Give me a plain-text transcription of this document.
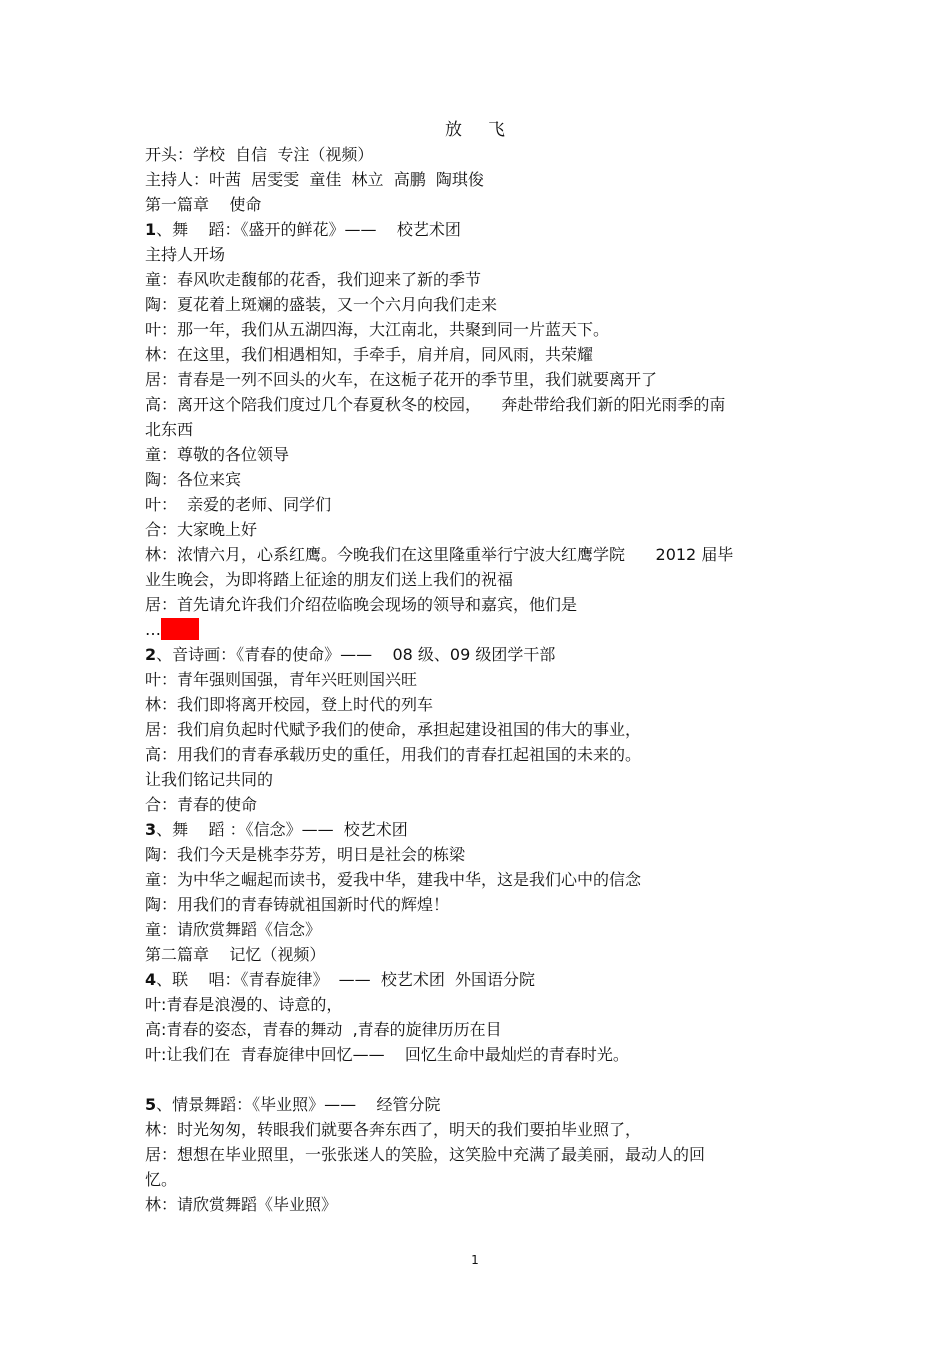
放飞
开头：学校  自信  专注（视频）
主持人：叶茜  居雯雯  童佳  林立  高鹏  陶琪俊
第一篇章    使命
1、舞    蹈：《盛开的鲜花》——    校艺术团
主持人开场
童：春风吹走馥郁的花香，我们迎来了新的季节
陶：夏花着上斑斓的盛装，又一个六月向我们走来
叶：那一年，我们从五湖四海，大江南北，共聚到同一片蓝天下。
林：在这里，我们相遇相知，手牵手，肩并肩，同风雨，共荣耀
居：青春是一列不回头的火车，在这栀子花开的季节里，我们就要离开了
高：离开这个陪我们度过几个春夏秋冬的校园，    奔赴带给我们新的阳光雨季的南
北东西
童：尊敬的各位领导
陶：各位来宾
叶：  亲爱的老师、同学们
合：大家晚上好
林：浓情六月，心系红鹰。今晚我们在这里隆重举行宁波大红鹰学院      2012 届毕
业生晚会，为即将踏上征途的朋友们送上我们的祝福
居：首先请允许我们介绍莅临晚会现场的领导和嘉宾，他们是
………
2、音诗画：《青春的使命》——    08 级、09 级团学干部
叶：青年强则国强，青年兴旺则国兴旺
林：我们即将离开校园，登上时代的列车
居：我们肩负起时代赋予我们的使命，承担起建设祖国的伟大的事业，
高：用我们的青春承载历史的重任，用我们的青春扛起祖国的未来的。
让我们铭记共同的
合：青春的使命
3、舞    蹈 ：《信念》——  校艺术团
陶：我们今天是桃李芬芳，明日是社会的栋梁
童：为中华之崛起而读书，爱我中华，建我中华，这是我们心中的信念
陶：用我们的青春铸就祖国新时代的辉煌！
童：请欣赏舞蹈《信念》
第二篇章    记忆（视频）
4、联    唱：《青春旋律》  ——  校艺术团  外国语分院
叶:青春是浪漫的、诗意的，
高:青春的姿态，青春的舞动  ,青春的旋律历历在目
叶:让我们在  青春旋律中回忆——    回忆生命中最灿烂的青春时光。
5、情景舞蹈：《毕业照》——    经管分院
林：时光匆匆，转眼我们就要各奔东西了，明天的我们要拍毕业照了，
居：想想在毕业照里，一张张迷人的笑脸，这笑脸中充满了最美丽，最动人的回
忆。
林：请欣赏舞蹈《毕业照》
1
